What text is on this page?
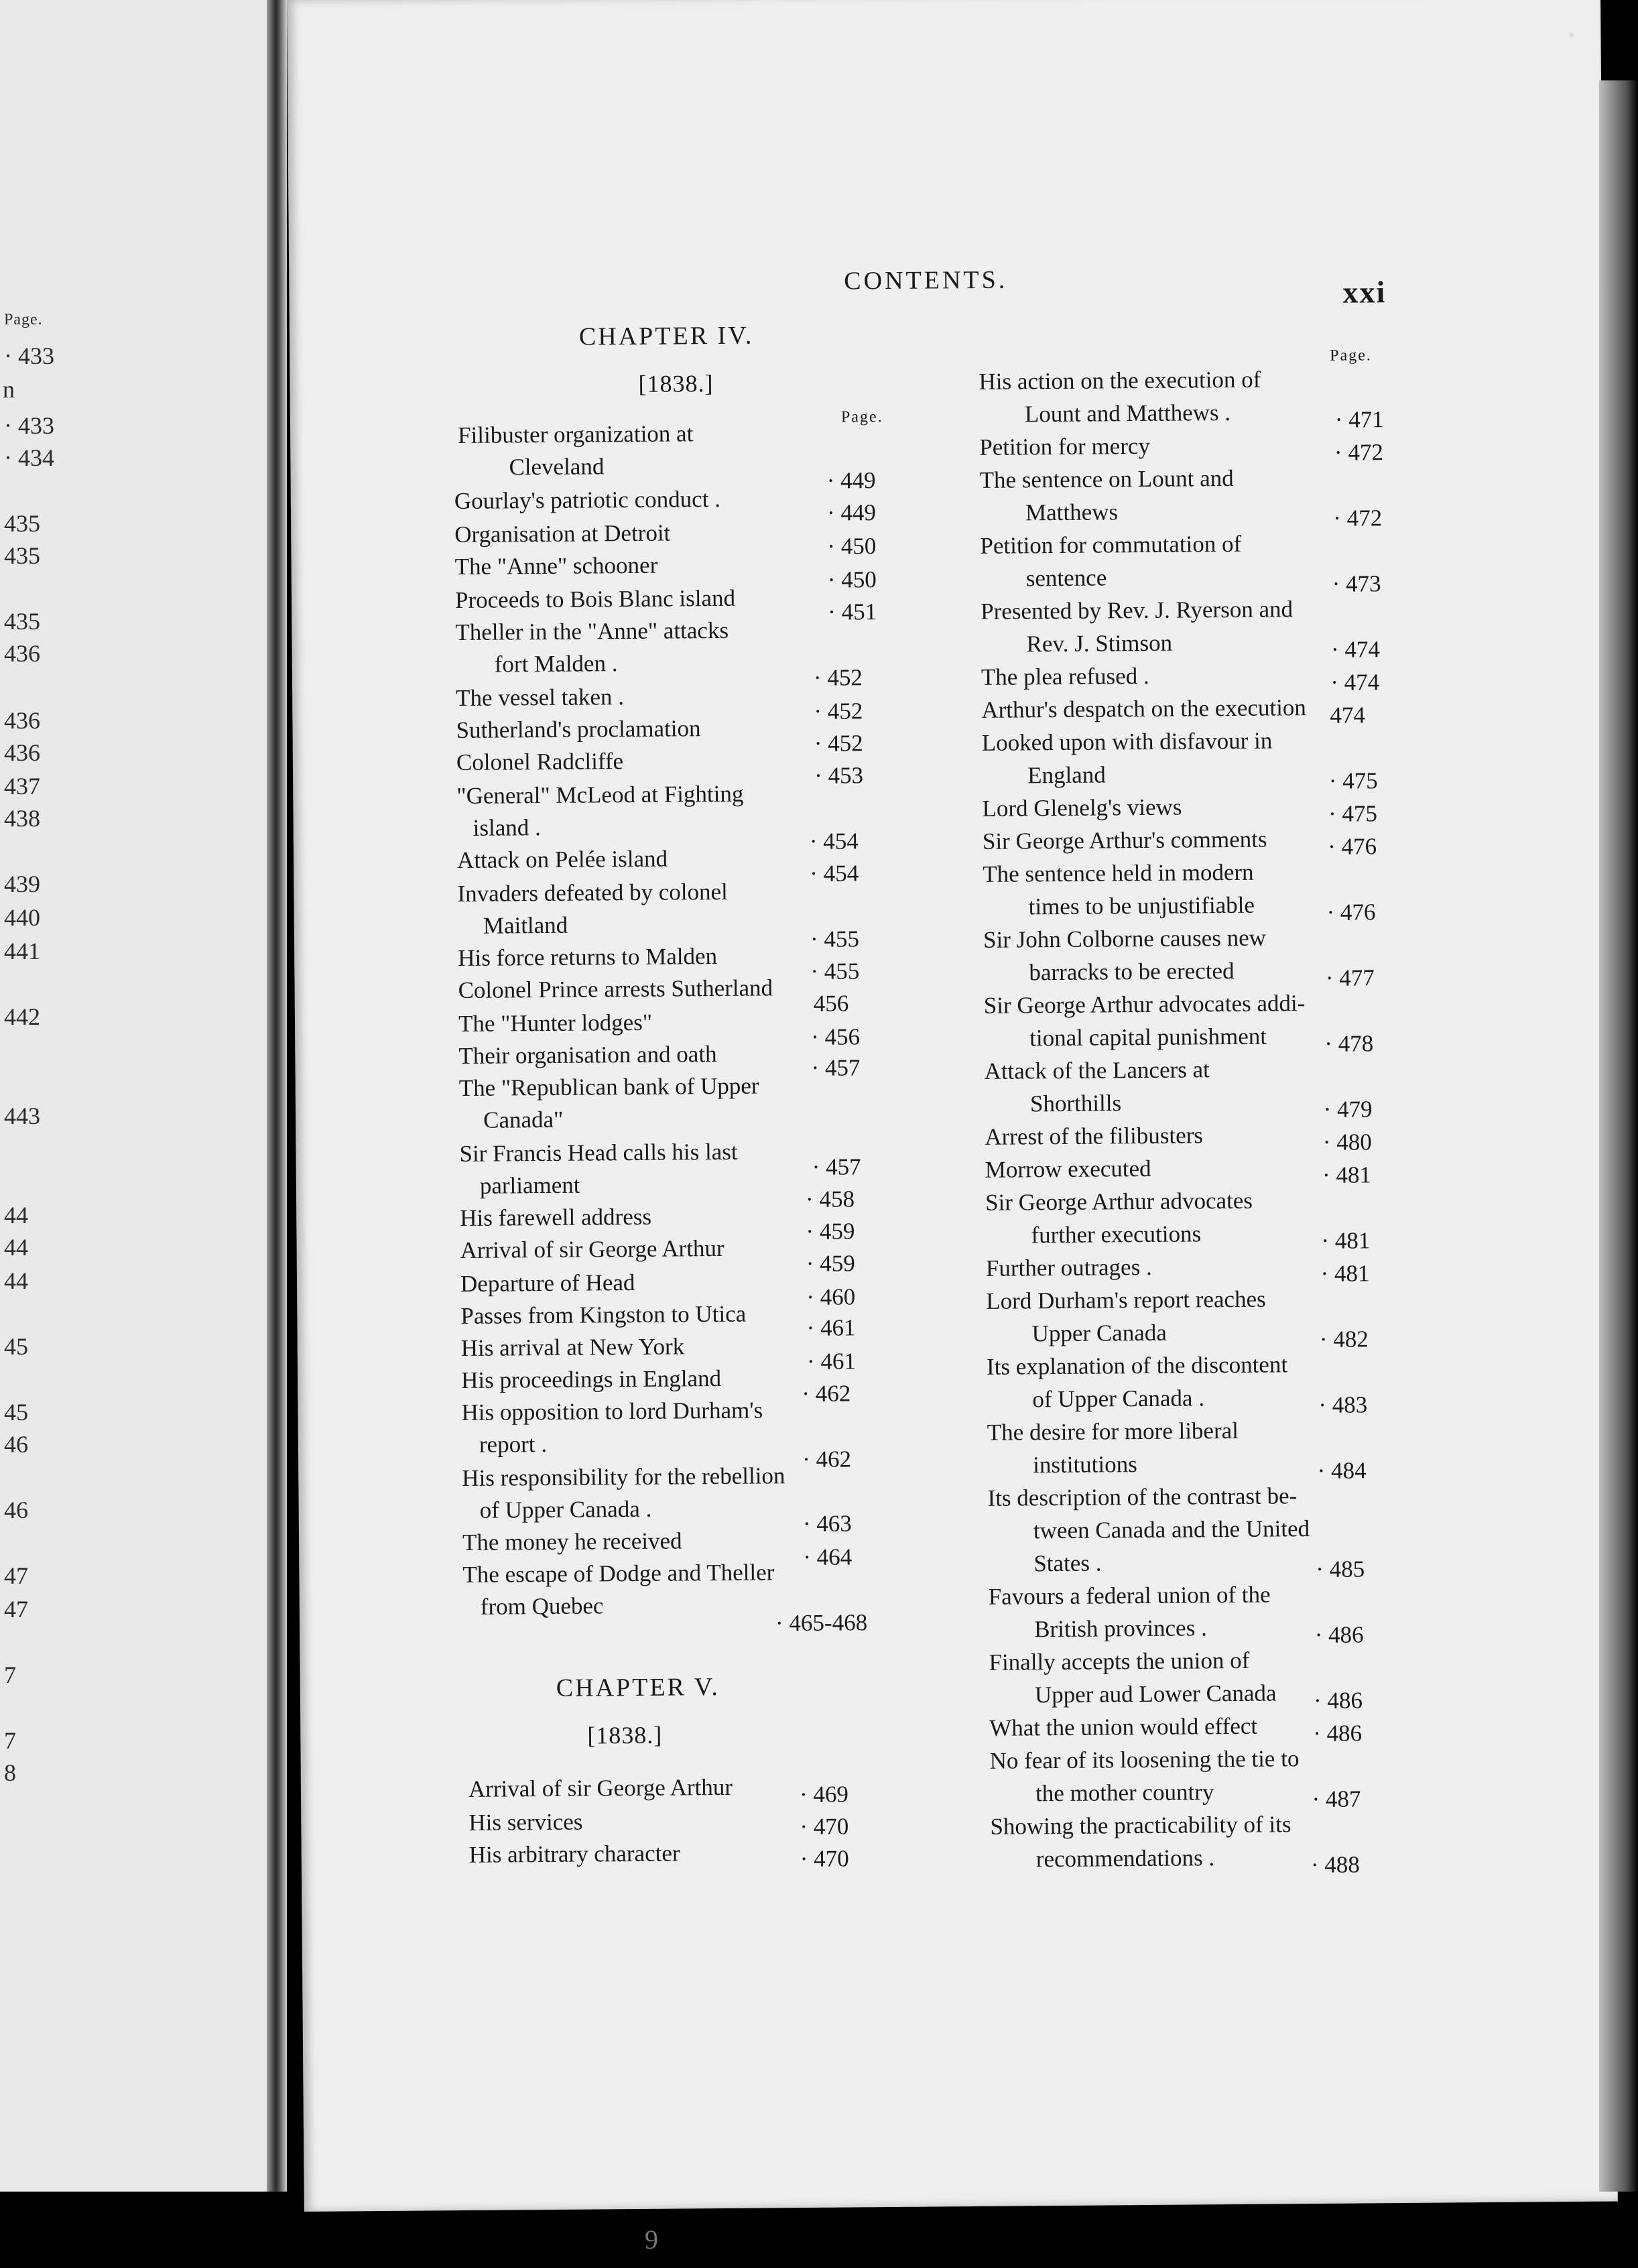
Page.
· 433
n
· 433
· 434
435
435
435
436
436
436
437
438
439
440
441
442
443
44
44
44
45
45
46
46
47
47
7
7
8
CONTENTS.	xxi
CHAPTER IV.
[1838.]
Page.
Filibuster organization at
Cleveland
Gourlay's patriotic conduct .
Organisation at Detroit
The "Anne" schooner
Proceeds to Bois Blanc island
Theller in the "Anne" attacks
fort Malden .
The vessel taken .
Sutherland's proclamation
Colonel Radcliffe
"General" McLeod at Fighting
island .
Attack on Pelée island
Invaders defeated by colonel
Maitland
His force returns to Malden
Colonel Prince arrests Sutherland
The "Hunter lodges"
Their organisation and oath
The "Republican bank of Upper
Canada"
Sir Francis Head calls his last
parliament
His farewell address
Arrival of sir George Arthur
Departure of Head
Passes from Kingston to Utica
His arrival at New York
His proceedings in England
His opposition to lord Durham's
report .
His responsibility for the rebellion
of Upper Canada .
The money he received
The escape of Dodge and Theller
from Quebec
· 449
· 449
· 450
· 450
· 451
· 452
· 452
· 452
· 453
· 454
· 454
· 455
· 455
456
· 456
· 457
· 457
· 458
· 459
· 459
· 460
· 461
· 461
· 462
· 462
· 463
· 464
· 465-468
CHAPTER V.
[1838.]
Arrival of sir George Arthur
His services
His arbitrary character
· 469
· 470
· 470
Page.
His action on the execution of
Lount and Matthews .
Petition for mercy
The sentence on Lount and
Matthews
Petition for commutation of
sentence
Presented by Rev. J. Ryerson and
Rev. J. Stimson
The plea refused .
Arthur's despatch on the execution
Looked upon with disfavour in
England
Lord Glenelg's views
Sir George Arthur's comments
The sentence held in modern
times to be unjustifiable
Sir John Colborne causes new
barracks to be erected
Sir George Arthur advocates addi-
tional capital punishment
Attack of the Lancers at
Shorthills
Arrest of the filibusters
Morrow executed
Sir George Arthur advocates
further executions
Further outrages .
Lord Durham's report reaches
Upper Canada
Its explanation of the discontent
of Upper Canada .
The desire for more liberal
institutions
Its description of the contrast be-
tween Canada and the United
States .
Favours a federal union of the
British provinces .
Finally accepts the union of
Upper aud Lower Canada
What the union would effect
No fear of its loosening the tie to
the mother country
Showing the practicability of its
recommendations .
· 471
· 472
· 472
· 473
· 474
· 474
474
· 475
· 475
· 476
· 476
· 477
· 478
· 479
· 480
· 481
· 481
· 481
· 482
· 483
· 484
· 485
· 486
· 486
· 486
· 487
· 488
9
•
